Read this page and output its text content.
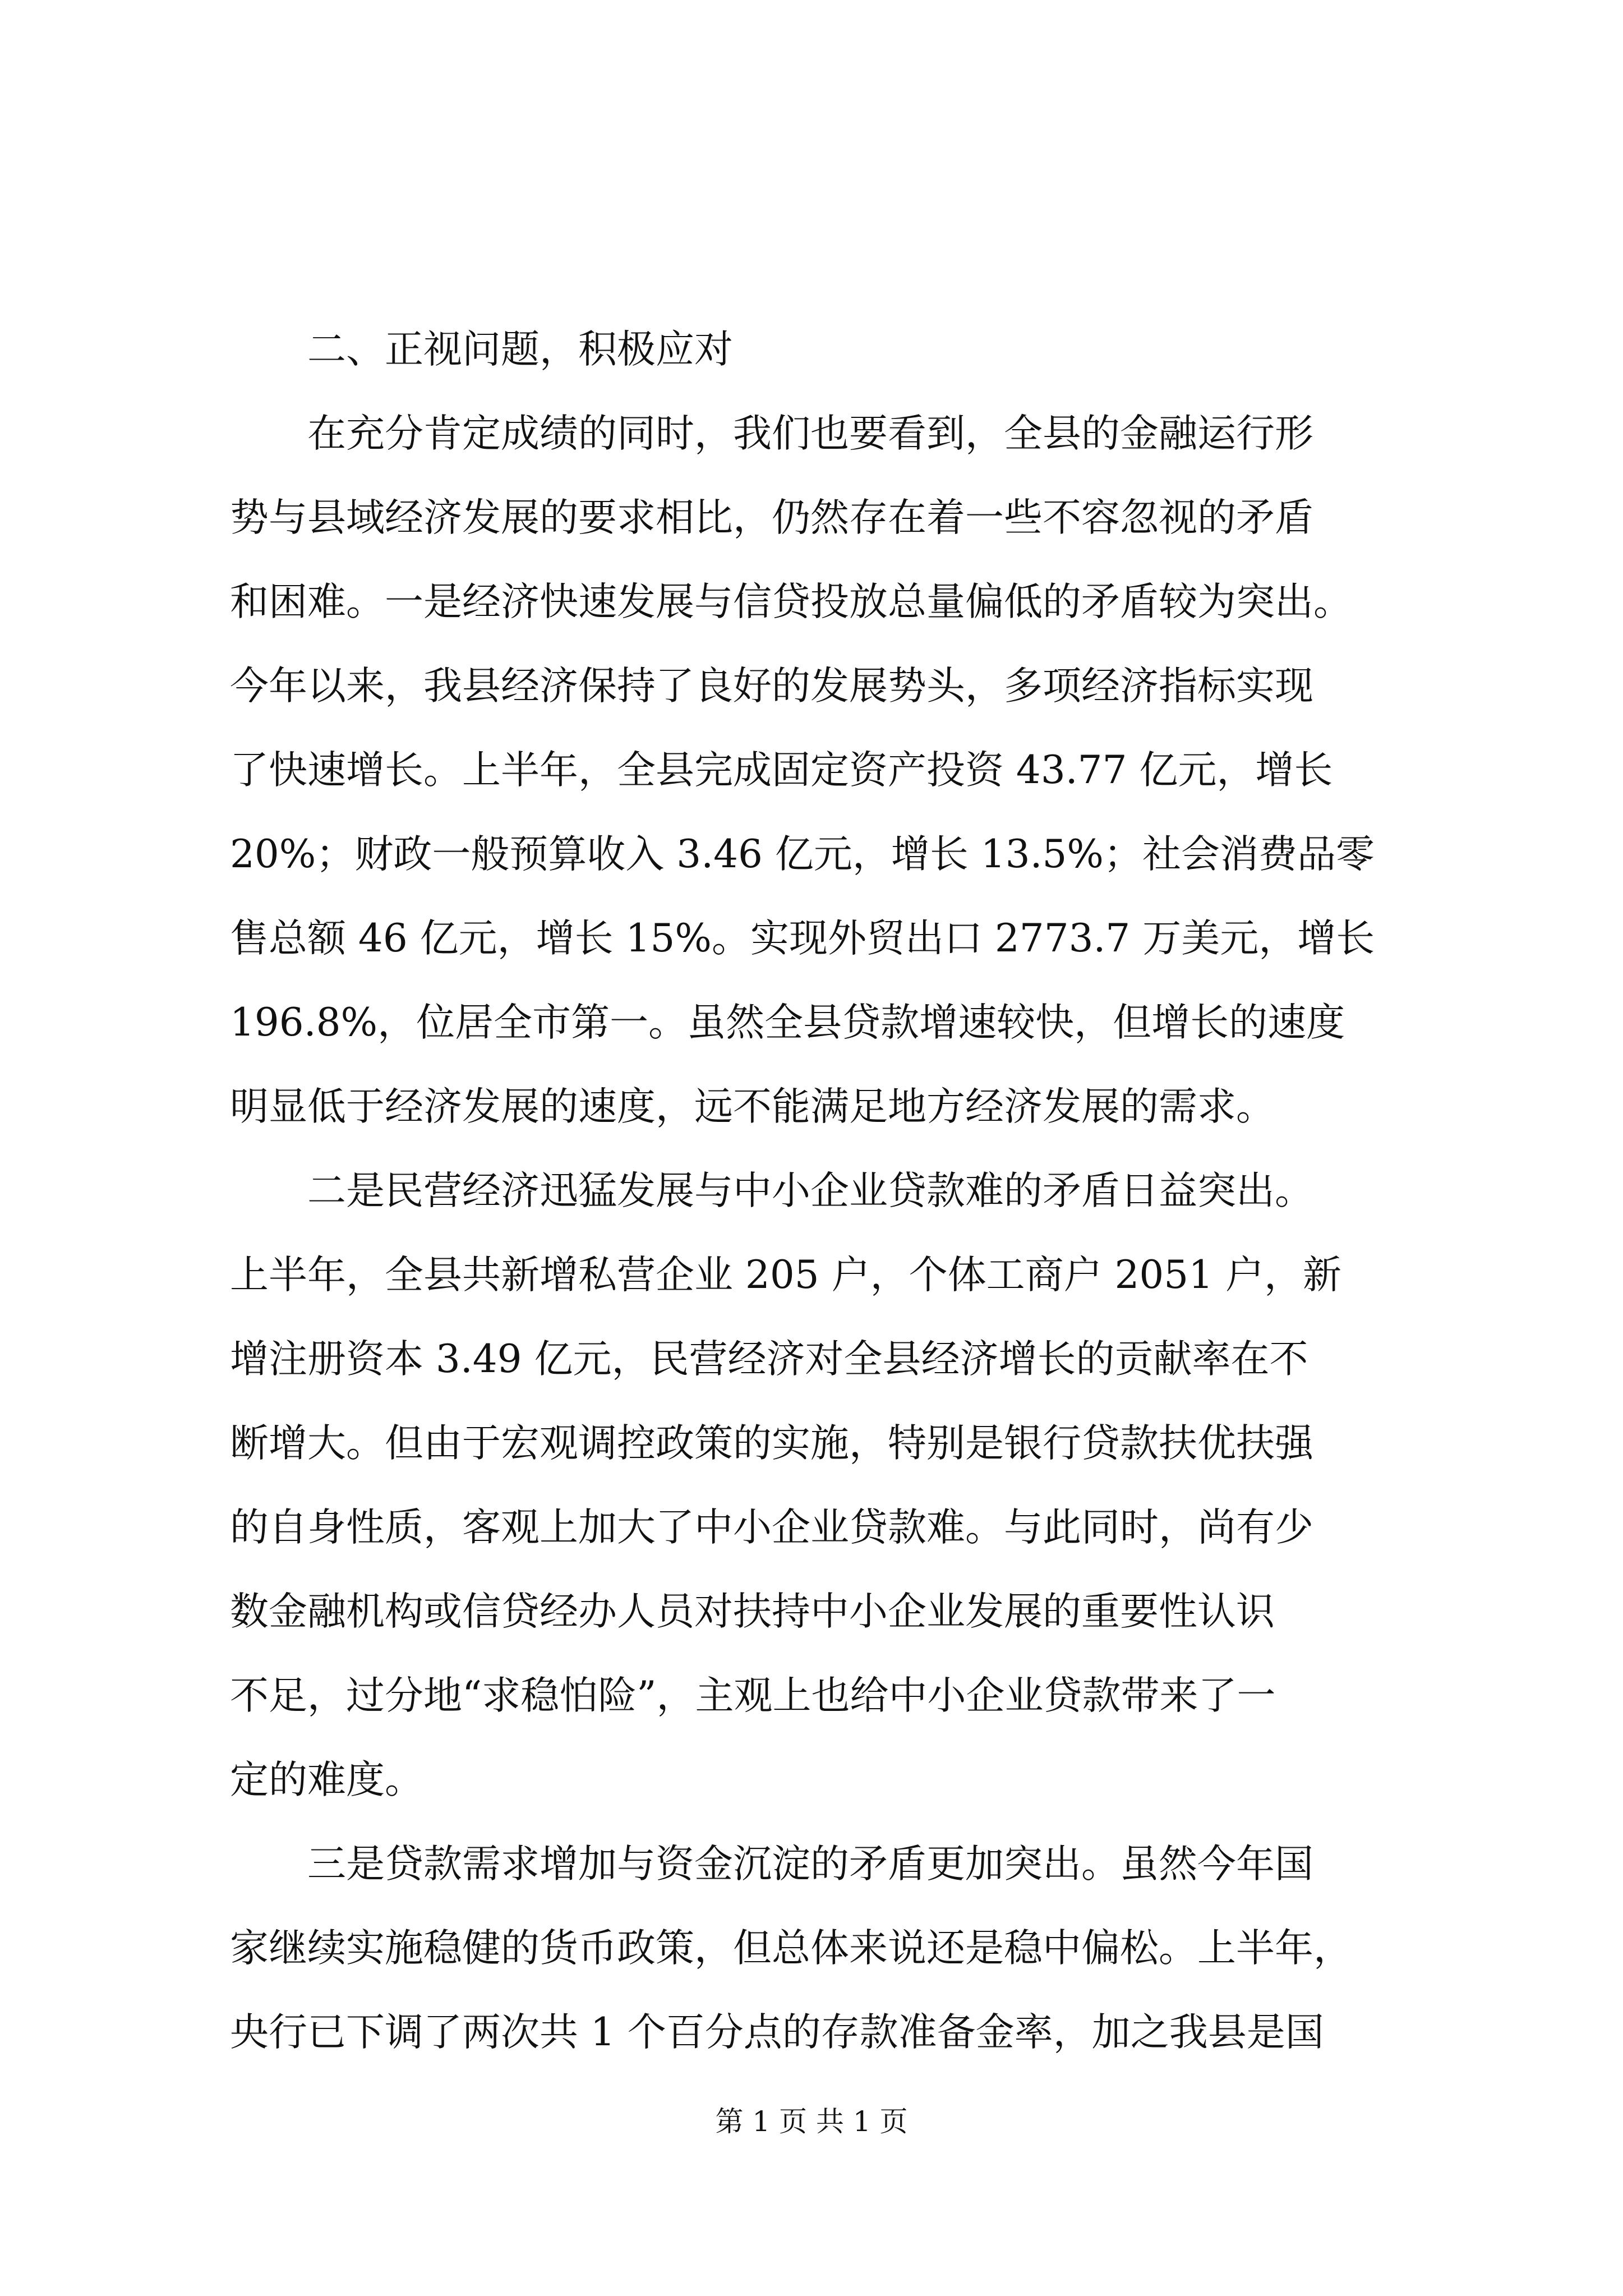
二、正视问题，积极应对
在充分肯定成绩的同时，我们也要看到，全县的金融运行形
势与县域经济发展的要求相比，仍然存在着一些不容忽视的矛盾
和困难。一是经济快速发展与信贷投放总量偏低的矛盾较为突出。
今年以来，我县经济保持了良好的发展势头，多项经济指标实现
了快速增长。上半年，全县完成固定资产投资 43.77 亿元，增长
20%；财政一般预算收入 3.46 亿元，增长 13.5%；社会消费品零
售总额 46 亿元，增长 15%。实现外贸出口 2773.7 万美元，增长
196.8%，位居全市第一。虽然全县贷款增速较快，但增长的速度
明显低于经济发展的速度，远不能满足地方经济发展的需求。
二是民营经济迅猛发展与中小企业贷款难的矛盾日益突出。
上半年，全县共新增私营企业 205 户，个体工商户 2051 户，新
增注册资本 3.49 亿元，民营经济对全县经济增长的贡献率在不
断增大。但由于宏观调控政策的实施，特别是银行贷款扶优扶强
的自身性质，客观上加大了中小企业贷款难。与此同时，尚有少
数金融机构或信贷经办人员对扶持中小企业发展的重要性认识
不足，过分地“求稳怕险”，主观上也给中小企业贷款带来了一
定的难度。
三是贷款需求增加与资金沉淀的矛盾更加突出。虽然今年国
家继续实施稳健的货币政策，但总体来说还是稳中偏松。上半年，
央行已下调了两次共 1 个百分点的存款准备金率，加之我县是国
第 1 页 共 1 页
